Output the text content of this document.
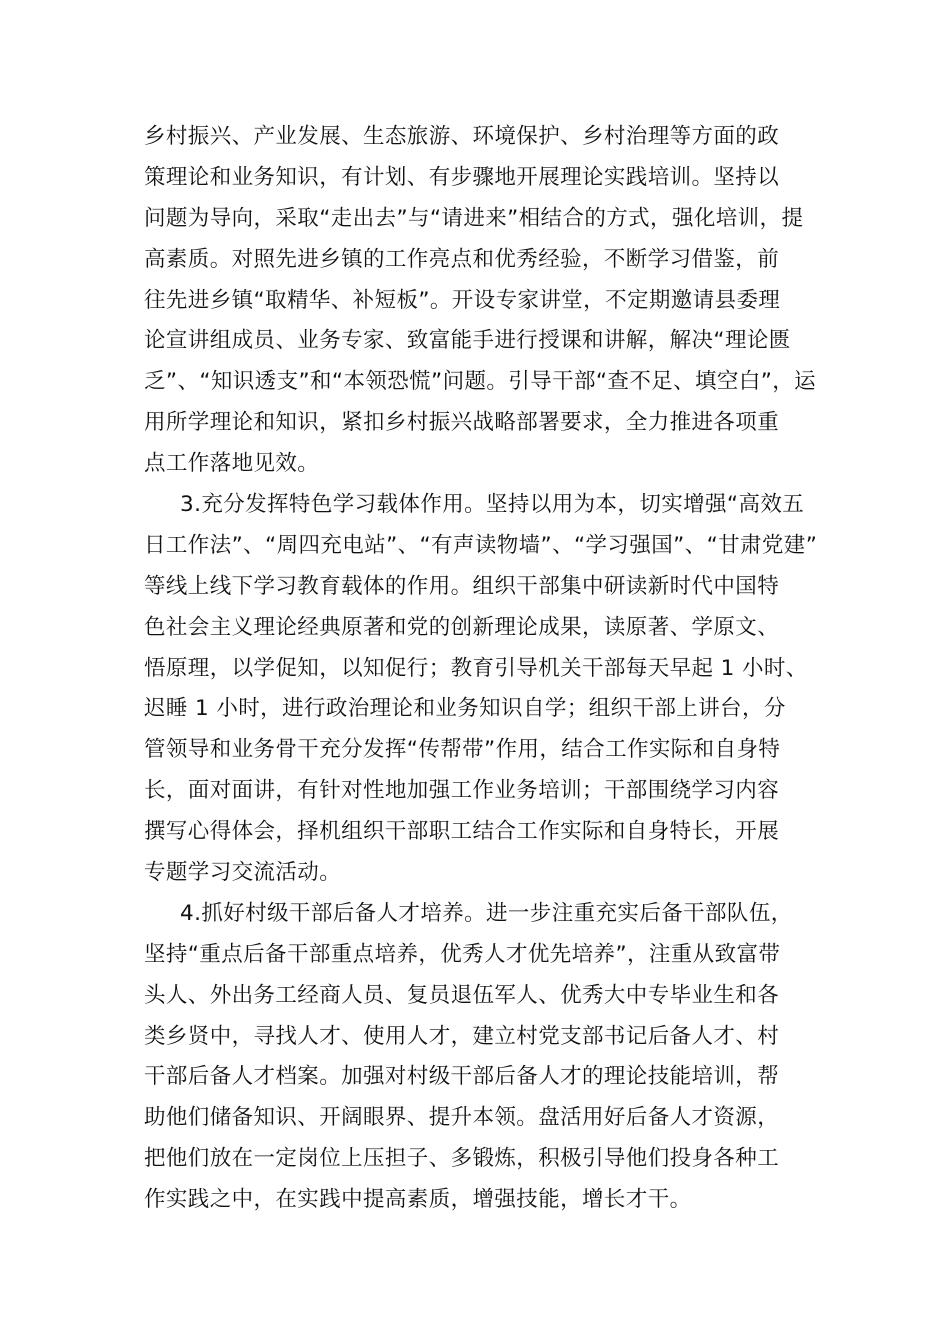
乡村振兴、产业发展、生态旅游、环境保护、乡村治理等方面的政
策理论和业务知识，有计划、有步骤地开展理论实践培训。坚持以
问题为导向，采取“走出去”与“请进来”相结合的方式，强化培训，提
高素质。对照先进乡镇的工作亮点和优秀经验，不断学习借鉴，前
往先进乡镇“取精华、补短板”。开设专家讲堂，不定期邀请县委理
论宣讲组成员、业务专家、致富能手进行授课和讲解，解决“理论匮
乏”、“知识透支”和“本领恐慌”问题。引导干部“查不足、填空白”，运
用所学理论和知识，紧扣乡村振兴战略部署要求，全力推进各项重
点工作落地见效。
3.充分发挥特色学习载体作用。坚持以用为本，切实增强“高效五
日工作法”、“周四充电站”、“有声读物墙”、“学习强国”、“甘肃党建”
等线上线下学习教育载体的作用。组织干部集中研读新时代中国特
色社会主义理论经典原著和党的创新理论成果，读原著、学原文、
悟原理，以学促知，以知促行；教育引导机关干部每天早起 1 小时、
迟睡 1 小时，进行政治理论和业务知识自学；组织干部上讲台，分
管领导和业务骨干充分发挥“传帮带”作用，结合工作实际和自身特
长，面对面讲，有针对性地加强工作业务培训；干部围绕学习内容
撰写心得体会，择机组织干部职工结合工作实际和自身特长，开展
专题学习交流活动。
4.抓好村级干部后备人才培养。进一步注重充实后备干部队伍，
坚持“重点后备干部重点培养，优秀人才优先培养”，注重从致富带
头人、外出务工经商人员、复员退伍军人、优秀大中专毕业生和各
类乡贤中，寻找人才、使用人才，建立村党支部书记后备人才、村
干部后备人才档案。加强对村级干部后备人才的理论技能培训，帮
助他们储备知识、开阔眼界、提升本领。盘活用好后备人才资源，
把他们放在一定岗位上压担子、多锻炼，积极引导他们投身各种工
作实践之中，在实践中提高素质，增强技能，增长才干。
